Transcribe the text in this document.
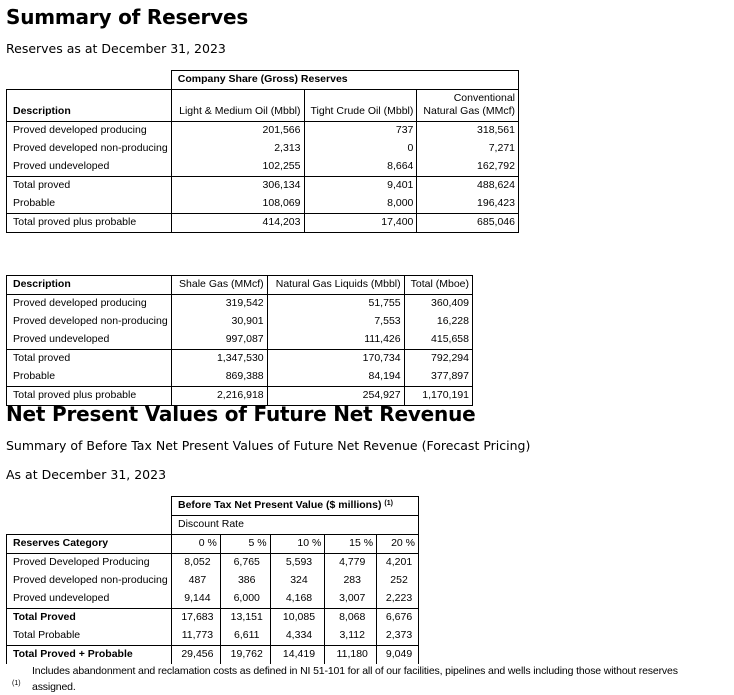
Summary of Reserves

Reserves as at December 31, 2023

	Company Share (Gross) Reserves		
Description	Light & Medium Oil (Mbbl)	Tight Crude Oil (Mbbl)	Conventional
Natural Gas (MMcf)
Proved developed producing	201,566	737	318,561
Proved developed non-producing	2,313	0	7,271
Proved undeveloped	102,255	8,664	162,792
Total proved	306,134	9,401	488,624
Probable	108,069	8,000	196,423
Total proved plus probable	414,203	17,400	685,046
Description	Shale Gas (MMcf)	Natural Gas Liquids (Mbbl)	Total (Mboe)
Proved developed producing	319,542	51,755	360,409
Proved developed non-producing	30,901	7,553	16,228
Proved undeveloped	997,087	111,426	415,658
Total proved	1,347,530	170,734	792,294
Probable	869,388	84,194	377,897
Total proved plus probable	2,216,918	254,927	1,170,191
Net Present Values of Future Net Revenue

Summary of Before Tax Net Present Values of Future Net Revenue (Forecast Pricing)

As at December 31, 2023

	Before Tax Net Present Value ($ millions) $^{(1)}$
	Discount Rate				
Reserves Category	0 %	5 %	10 %	15 %	20 %
Proved Developed Producing	8,052	6,765	5,593	4,779	4,201
Proved developed non-producing	487	386	324	283	252
Proved undeveloped	9,144	6,000	4,168	3,007	2,223
Total Proved	17,683	13,151	10,085	8,068	6,676
Total Probable	11,773	6,611	4,334	3,112	2,373
Total Proved + Probable	29,456	19,762	14,419	11,180	9,049
(1)
Includes abandonment and reclamation costs as defined in NI 51-101 for all of our facilities, pipelines and wells including those without reserves
assigned.
